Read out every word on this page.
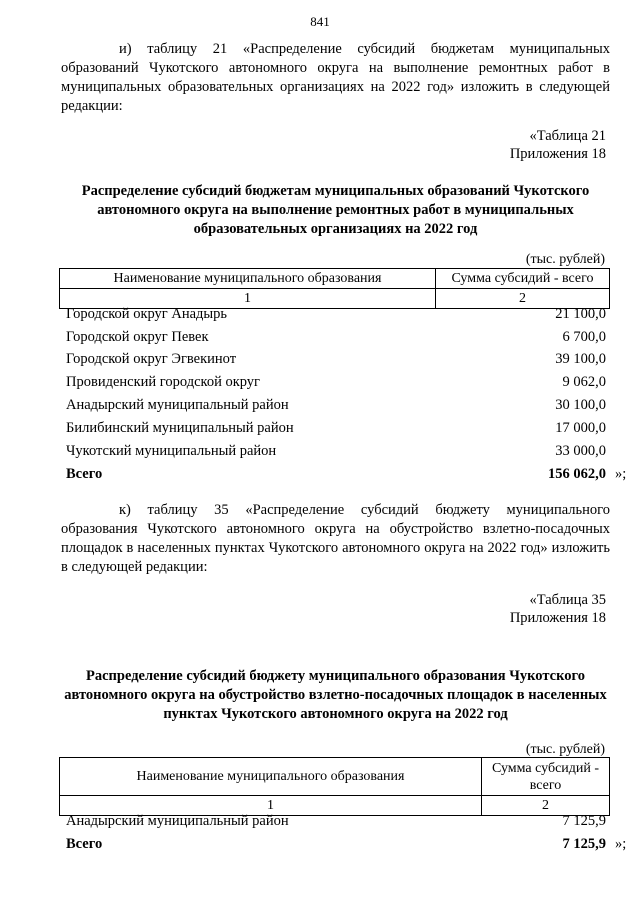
841
и) таблицу 21 «Распределение субсидий бюджетам муниципальных образований Чукотского автономного округа на выполнение ремонтных работ в муниципальных образовательных организациях на 2022 год» изложить в следующей редакции:
«Таблица 21
Приложения 18
Распределение субсидий бюджетам муниципальных образований Чукотского автономного округа на выполнение ремонтных работ в муниципальных образовательных организациях на 2022 год
(тыс. рублей)
Наименование муниципального образования	Сумма субсидий - всего
1	2
Городской округ Анадырь	21 100,0
Городской округ Певек	6 700,0
Городской округ Эгвекинот	39 100,0
Провиденский городской округ	9 062,0
Анадырский муниципальный район	30 100,0
Билибинский муниципальный район	17 000,0
Чукотский муниципальный район	33 000,0
Всего	156 062,0 »;
к) таблицу 35 «Распределение субсидий бюджету муниципального образования Чукотского автономного округа на обустройство взлетно-посадочных площадок в населенных пунктах Чукотского автономного округа на 2022 год» изложить в следующей редакции:
«Таблица 35
Приложения 18
Распределение субсидий бюджету муниципального образования Чукотского автономного округа на обустройство взлетно-посадочных площадок в населенных пунктах Чукотского автономного округа на 2022 год
(тыс. рублей)
Наименование муниципального образования	Сумма субсидий -
всего

1	2
Анадырский муниципальный район	7 125,9
Всего	7 125,9 »;
